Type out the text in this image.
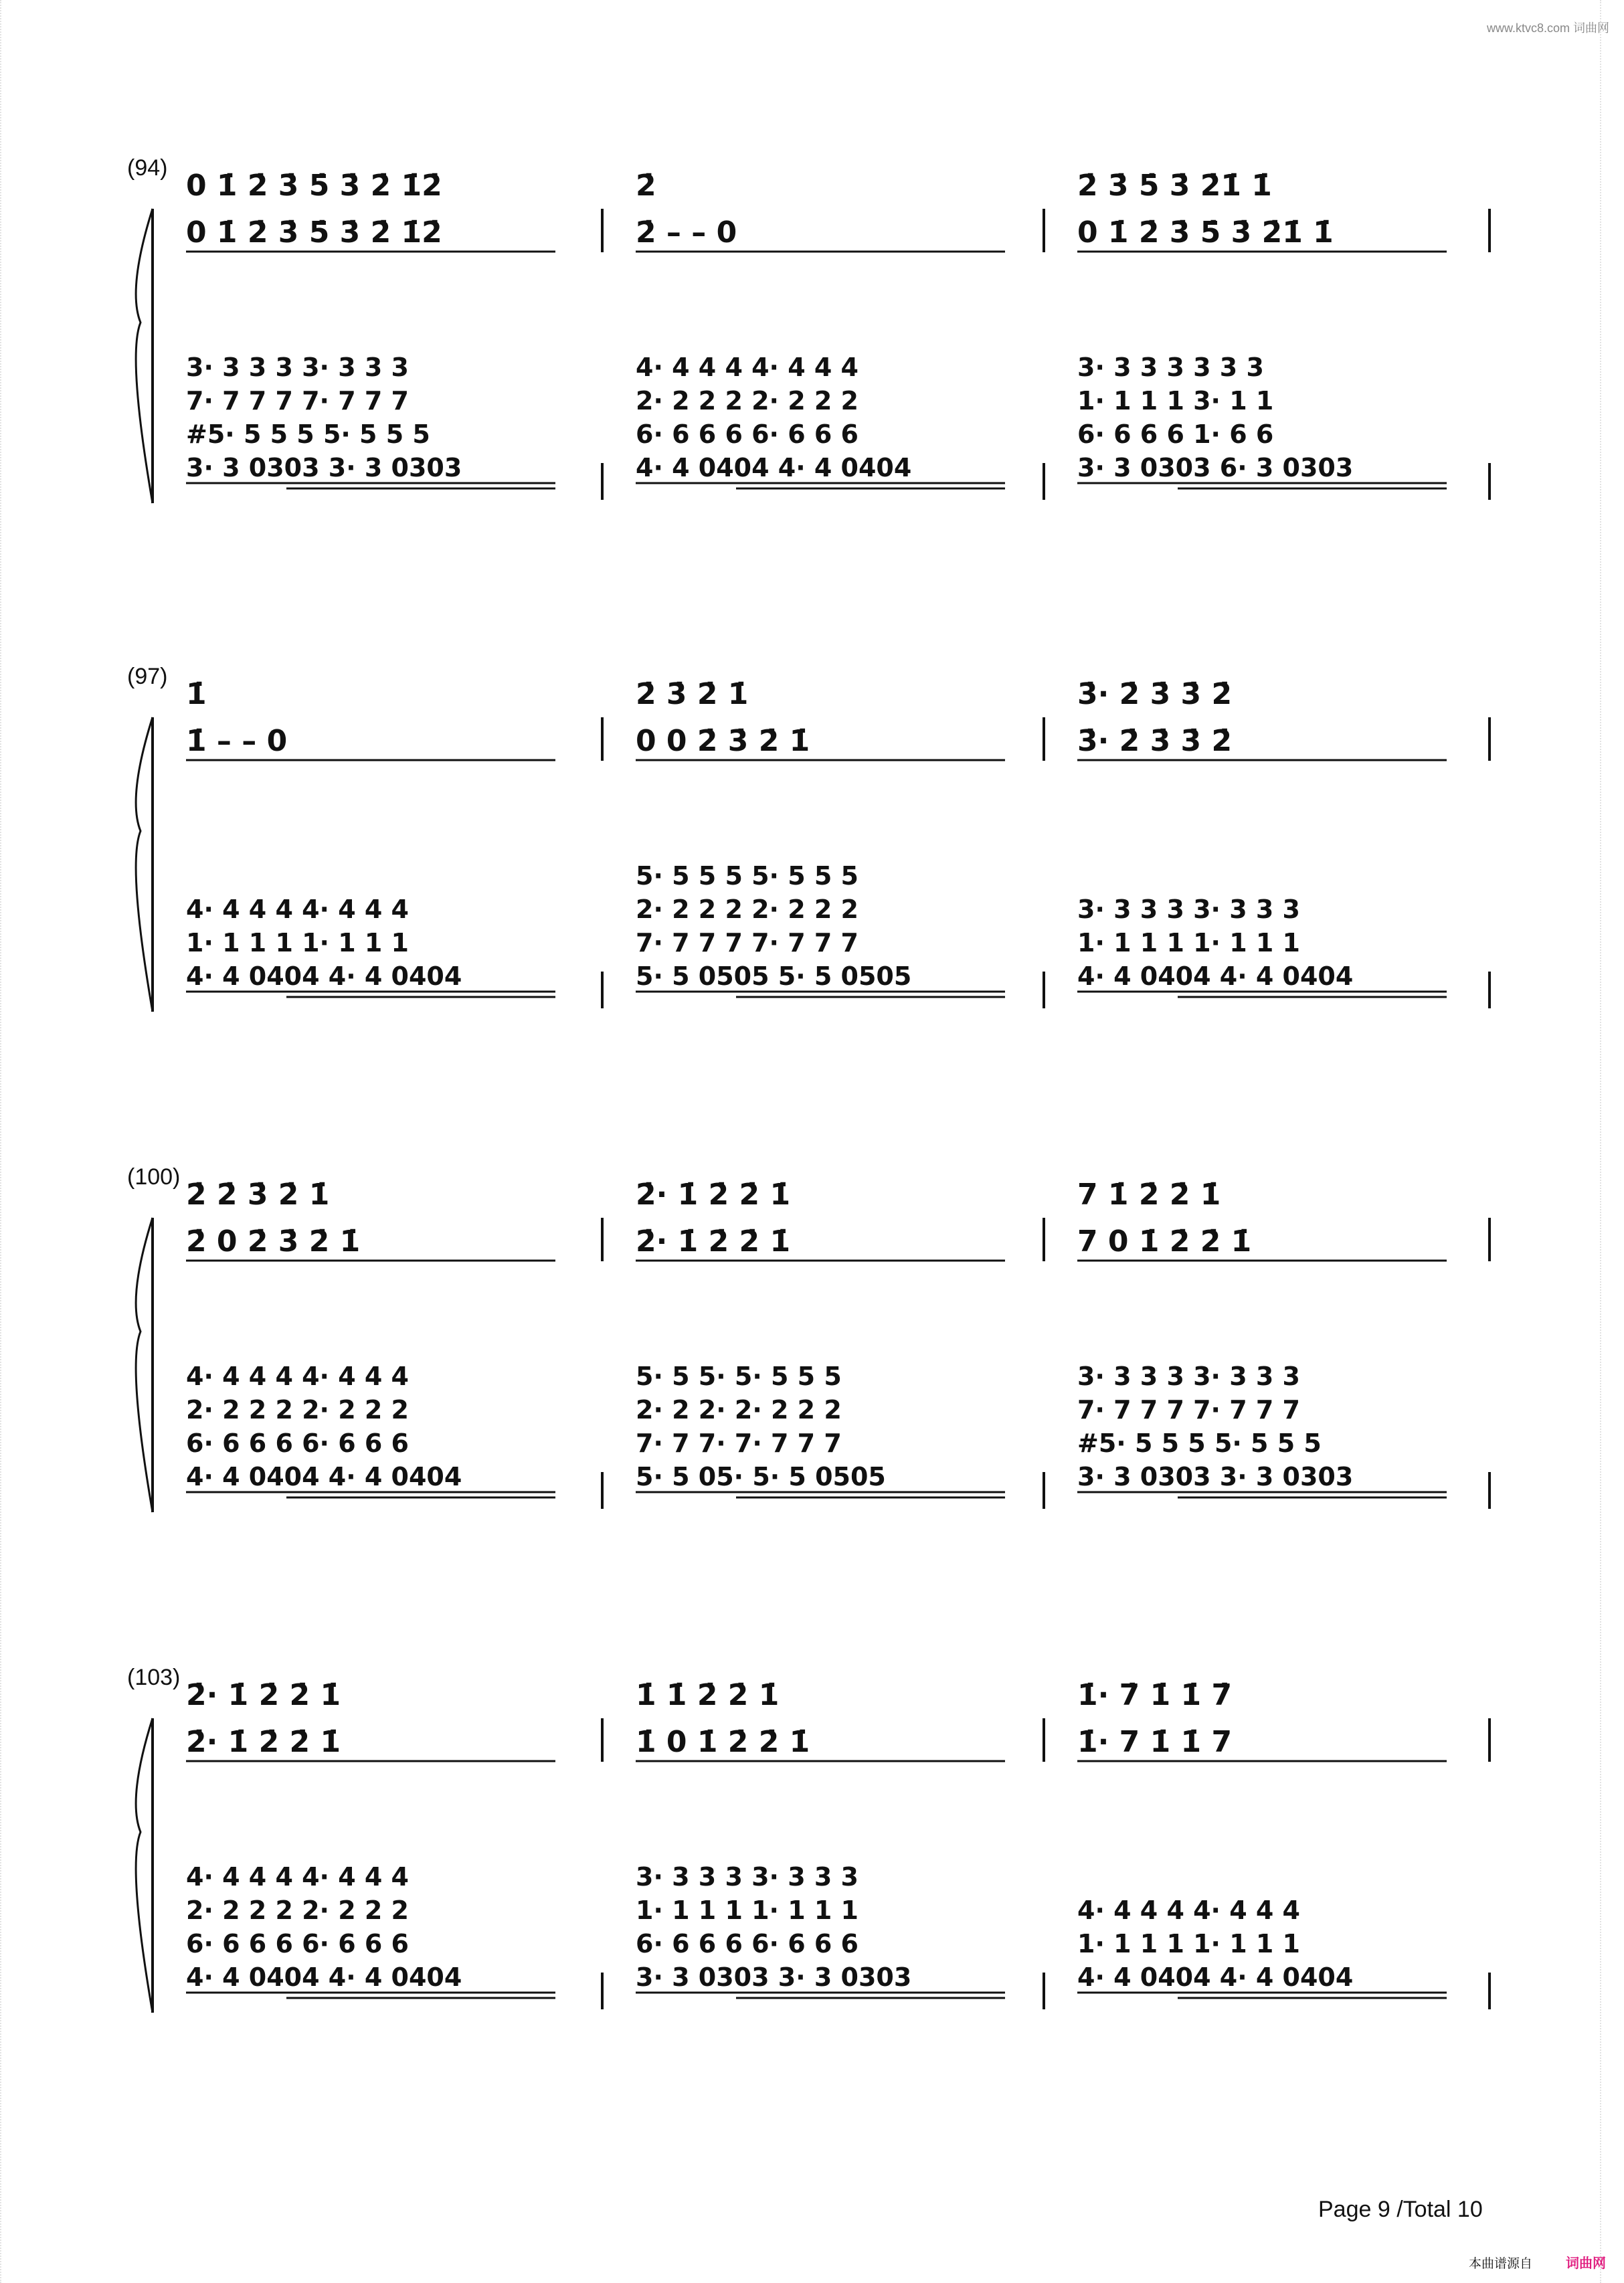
www.ktvc8.com 词曲网
(94)
(97)
(100)
(103)
0 1̇ 2̇ 3̇ 5̇ 3̇ 2̇ 1̇2̇
0 1̇ 2̇ 3̇ 5̇ 3̇ 2̇ 1̇2̇
2̇
2̇ – – 0
2̇ 3̇ 5̇ 3̇ 2̇1̇ 1̇
0 1̇ 2̇ 3̇ 5̇ 3̇ 2̇1̇ 1̇
3· 3 3 3 3· 3 3 3
7· 7 7 7 7· 7 7 7
#5· 5 5 5 5· 5 5 5
3· 3 0303 3· 3 0303
4· 4 4 4 4· 4 4 4
2· 2 2 2 2· 2 2 2
6· 6 6 6 6· 6 6 6
4· 4 0404 4· 4 0404
3· 3 3 3 3 3 3
1· 1 1 1 3· 1 1
6· 6 6 6 1· 6 6
3· 3 0303 6· 3 0303
1̇
1̇ – – 0
2̇ 3̇ 2̇ 1̇
0 0 2̇ 3̇ 2̇ 1̇
3̇· 2̇ 3̇ 3̇ 2̇
3̇· 2̇ 3̇ 3̇ 2̇
4· 4 4 4 4· 4 4 4
1· 1 1 1 1· 1 1 1
4· 4 0404 4· 4 0404
5· 5 5 5 5· 5 5 5
2· 2 2 2 2· 2 2 2
7· 7 7 7 7· 7 7 7
5· 5 0505 5· 5 0505
3· 3 3 3 3· 3 3 3
1· 1 1 1 1· 1 1 1
4· 4 0404 4· 4 0404
2̇ 2̇ 3̇ 2̇ 1̇
2̇ 0 2̇ 3̇ 2̇ 1̇
2̇· 1̇ 2̇ 2̇ 1̇
2̇· 1̇ 2̇ 2̇ 1̇
7 1̇ 2̇ 2̇ 1̇
7 0 1̇ 2̇ 2̇ 1̇
4· 4 4 4 4· 4 4 4
2· 2 2 2 2· 2 2 2
6· 6 6 6 6· 6 6 6
4· 4 0404 4· 4 0404
5· 5 5· 5· 5 5 5
2· 2 2· 2· 2 2 2
7· 7 7· 7· 7 7 7
5· 5 05· 5· 5 0505
3· 3 3 3 3· 3 3 3
7· 7 7 7 7· 7 7 7
#5· 5 5 5 5· 5 5 5
3· 3 0303 3· 3 0303
2̇· 1̇ 2̇ 2̇ 1̇
2̇· 1̇ 2̇ 2̇ 1̇
1̇ 1̇ 2̇ 2̇ 1̇
1̇ 0 1̇ 2̇ 2̇ 1̇
1̇· 7̇ 1̇ 1̇ 7̇
1̇· 7 1̇ 1̇ 7
4· 4 4 4 4· 4 4 4
2· 2 2 2 2· 2 2 2
6· 6 6 6 6· 6 6 6
4· 4 0404 4· 4 0404
3· 3 3 3 3· 3 3 3
1· 1 1 1 1· 1 1 1
6· 6 6 6 6· 6 6 6
3· 3 0303 3· 3 0303
4· 4 4 4 4· 4 4 4
1· 1 1 1 1· 1 1 1
4· 4 0404 4· 4 0404
Page 9 /Total 10
本曲谱源自 词曲网
